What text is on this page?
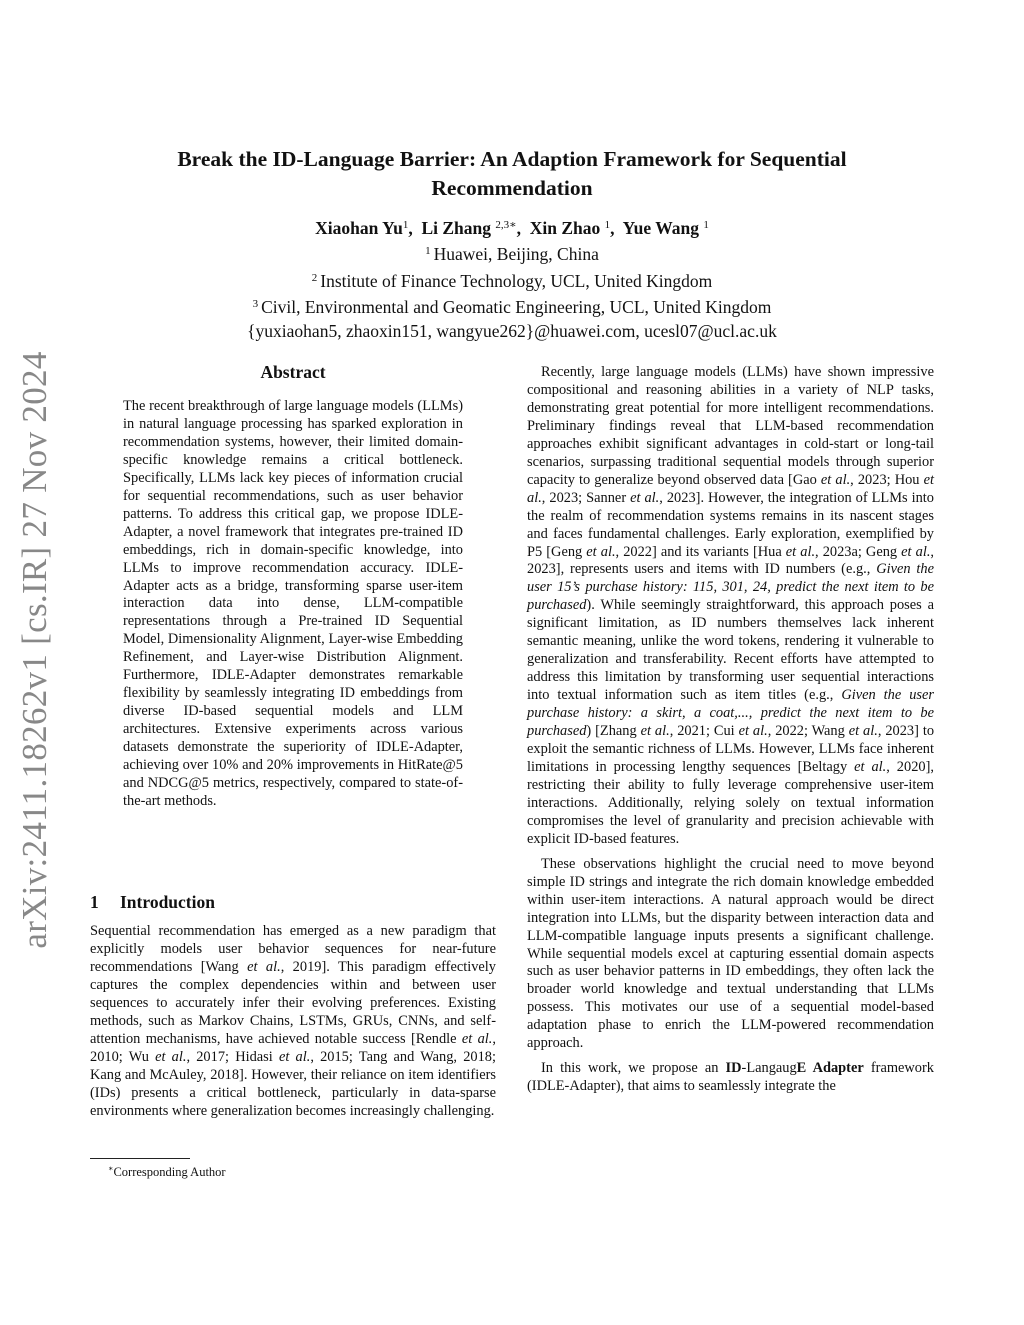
arXiv:2411.18262v1 [cs.IR] 27 Nov 2024
Break the ID-Language Barrier: An Adaption Framework for Sequential
Recommendation
Xiaohan Yu$^1$,  Li Zhang $^{2,3∗}$,  Xin Zhao $^1$,  Yue Wang $^1$
$^1$ Huawei, Beijing, China
$^2$ Institute of Finance Technology, UCL, United Kingdom
$^3$ Civil, Environmental and Geomatic Engineering, UCL, United Kingdom
{yuxiaohan5, zhaoxin151, wangyue262}@huawei.com, ucesl07@ucl.ac.uk
Abstract

The recent breakthrough of large language models (LLMs) in natural language processing has sparked exploration in recommendation systems, however, their limited domain-specific knowledge remains a critical bottleneck. Specifically, LLMs lack key pieces of information crucial for sequential recommendations, such as user behavior patterns. To address this critical gap, we propose IDLE-Adapter, a novel framework that integrates pre-trained ID embeddings, rich in domain-specific knowledge, into LLMs to improve recommendation accuracy. IDLE-Adapter acts as a bridge, transforming sparse user-item interaction data into dense, LLM-compatible representations through a Pre-trained ID Sequential Model, Dimensionality Alignment, Layer-wise Embedding Refinement, and Layer-wise Distribution Alignment. Furthermore, IDLE-Adapter demonstrates remarkable flexibility by seamlessly integrating ID embeddings from diverse ID-based sequential models and LLM architectures. Extensive experiments across various datasets demonstrate the superiority of IDLE-Adapter, achieving over 10% and 20% improvements in HitRate@5 and NDCG@5 metrics, respectively, compared to state-of-the-art methods.

1 Introduction

Sequential recommendation has emerged as a new paradigm that explicitly models user behavior sequences for near-future recommendations [Wang et al., 2019]. This paradigm effectively captures the complex dependencies within and between user sequences to accurately infer their evolving preferences. Existing methods, such as Markov Chains, LSTMs, GRUs, CNNs, and self-attention mechanisms, have achieved notable success [Rendle et al., 2010; Wu et al., 2017; Hidasi et al., 2015; Tang and Wang, 2018; Kang and McAuley, 2018]. However, their reliance on item identifiers (IDs) presents a critical bottleneck, particularly in data-sparse environments where generalization becomes increasingly challenging.

Recently, large language models (LLMs) have shown impressive compositional and reasoning abilities in a variety of NLP tasks, demonstrating great potential for more intelligent recommendations. Preliminary findings reveal that LLM-based recommendation approaches exhibit significant advantages in cold-start or long-tail scenarios, surpassing traditional sequential models through superior capacity to generalize beyond observed data [Gao et al., 2023; Hou et al., 2023; Sanner et al., 2023]. However, the integration of LLMs into the realm of recommendation systems remains in its nascent stages and faces fundamental challenges. Early exploration, exemplified by P5 [Geng et al., 2022] and its variants [Hua et al., 2023a; Geng et al., 2023], represents users and items with ID numbers (e.g., Given the user 15’s purchase history: 115, 301, 24, predict the next item to be purchased). While seemingly straightforward, this approach poses a significant limitation, as ID numbers themselves lack inherent semantic meaning, unlike the word tokens, rendering it vulnerable to generalization and transferability. Recent efforts have attempted to address this limitation by transforming user sequential interactions into textual information such as item titles (e.g., Given the user purchase history: a skirt, a coat,..., predict the next item to be purchased) [Zhang et al., 2021; Cui et al., 2022; Wang et al., 2023] to exploit the semantic richness of LLMs. However, LLMs face inherent limitations in processing lengthy sequences [Beltagy et al., 2020], restricting their ability to fully leverage comprehensive user-item interactions. Additionally, relying solely on textual information compromises the level of granularity and precision achievable with explicit ID-based features.

These observations highlight the crucial need to move beyond simple ID strings and integrate the rich domain knowledge embedded within user-item interactions. A natural approach would be direct integration into LLMs, but the disparity between interaction data and LLM-compatible language inputs presents a significant challenge. While sequential models excel at capturing essential domain aspects such as user behavior patterns in ID embeddings, they often lack the broader world knowledge and textual understanding that LLMs possess. This motivates our use of a sequential model-based adaptation phase to enrich the LLM-powered recommendation approach.

In this work, we propose an ID-LangaugE Adapter framework (IDLE-Adapter), that aims to seamlessly integrate the

∗Corresponding Author
